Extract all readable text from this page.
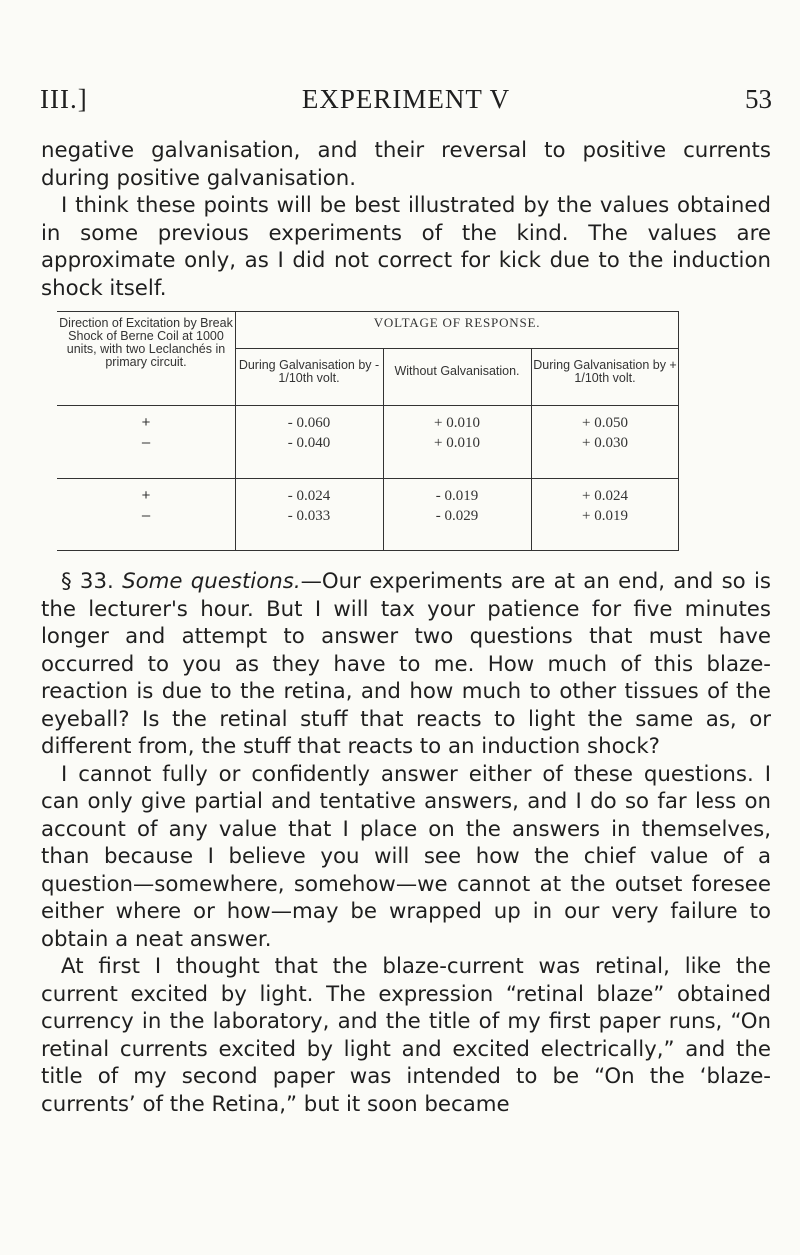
III.]	EXPERIMENT V	53

negative galvanisation, and their reversal to positive currents during positive galvanisation.

I think these points will be best illustrated by the values obtained in some previous experiments of the kind. The values are approximate only, as I did not correct for kick due to the induction shock itself.

Direction of Excitation by Break Shock of Berne Coil at 1000 units, with two Leclanchés in primary circuit.
VOLTAGE OF RESPONSE.
During Galvanisation by - 1/10th volt.	Without Galvanisation.	During Galvanisation by + 1/10th volt.
+	- 0.060	+ 0.010	+ 0.050
–	- 0.040	+ 0.010	+ 0.030
+	- 0.024	- 0.019	+ 0.024
–	- 0.033	- 0.029	+ 0.019

§ 33. Some questions.—Our experiments are at an end, and so is the lecturer's hour. But I will tax your patience for five minutes longer and attempt to answer two questions that must have occurred to you as they have to me. How much of this blaze-reaction is due to the retina, and how much to other tissues of the eyeball? Is the retinal stuff that reacts to light the same as, or different from, the stuff that reacts to an induction shock?

I cannot fully or confidently answer either of these questions. I can only give partial and tentative answers, and I do so far less on account of any value that I place on the answers in themselves, than because I believe you will see how the chief value of a question—somewhere, somehow—we cannot at the outset foresee either where or how—may be wrapped up in our very failure to obtain a neat answer.

At first I thought that the blaze-current was retinal, like the current excited by light. The expression “retinal blaze” obtained currency in the laboratory, and the title of my first paper runs, “On retinal currents excited by light and excited electrically,” and the title of my second paper was intended to be “On the ‘blaze-currents’ of the Retina,” but it soon became
